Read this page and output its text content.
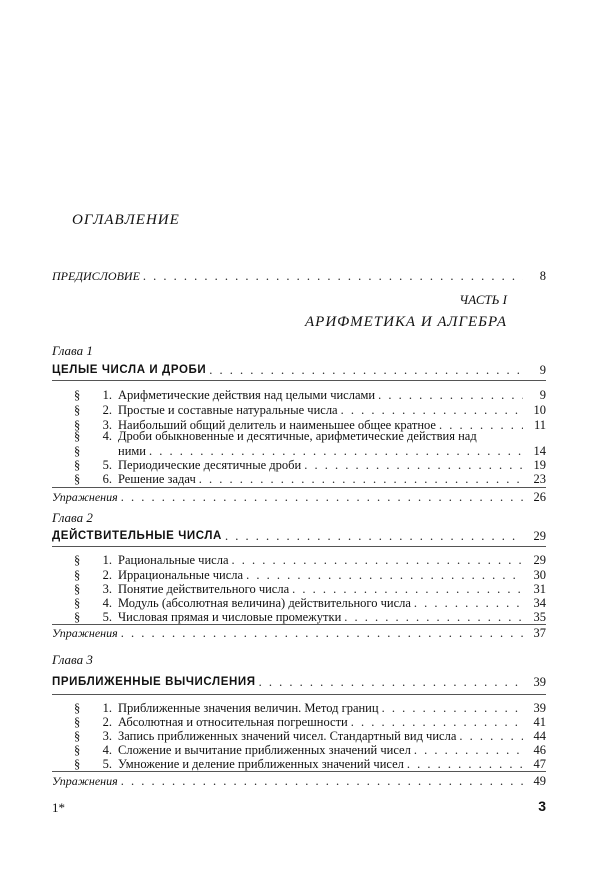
ОГЛАВЛЕНИЕ
ПРЕДИСЛОВИЕ . . .	8
ЧАСТЬ I
АРИФМЕТИКА И АЛГЕБРА
Глава 1
ЦЕЛЫЕ ЧИСЛА И ДРОБИ . . .	9
§ 1. Арифметические действия над целыми числами . . .	9
§ 2. Простые и составные натуральные числа . . .	10
§ 3. Наибольший общий делитель и наименьшее общее кратное . . .	11
§ 4. Дроби обыкновенные и десятичные, арифметические действия над
§	ними . . .	14
§ 5. Периодические десятичные дроби . . .	19
§ 6. Решение задач . . .	23
Упражнения . . .	26
Глава 2
ДЕЙСТВИТЕЛЬНЫЕ ЧИСЛА . . .	29
§ 1. Рациональные числа . . .	29
§ 2. Иррациональные числа . . .	30
§ 3. Понятие действительного числа . . .	31
§ 4. Модуль (абсолютная величина) действительного числа . . .	34
§ 5. Числовая прямая и числовые промежутки . . .	35
Упражнения . . .	37
Глава 3
ПРИБЛИЖЕННЫЕ ВЫЧИСЛЕНИЯ . . .	39
§ 1. Приближенные значения величин. Метод границ . . .	39
§ 2. Абсолютная и относительная погрешности . . .	41
§ 3. Запись приближенных значений чисел. Стандартный вид числа . . .	44
§ 4. Сложение и вычитание приближенных значений чисел . . .	46
§ 5. Умножение и деление приближенных значений чисел . . .	47
Упражнения . . .	49
1*	3
